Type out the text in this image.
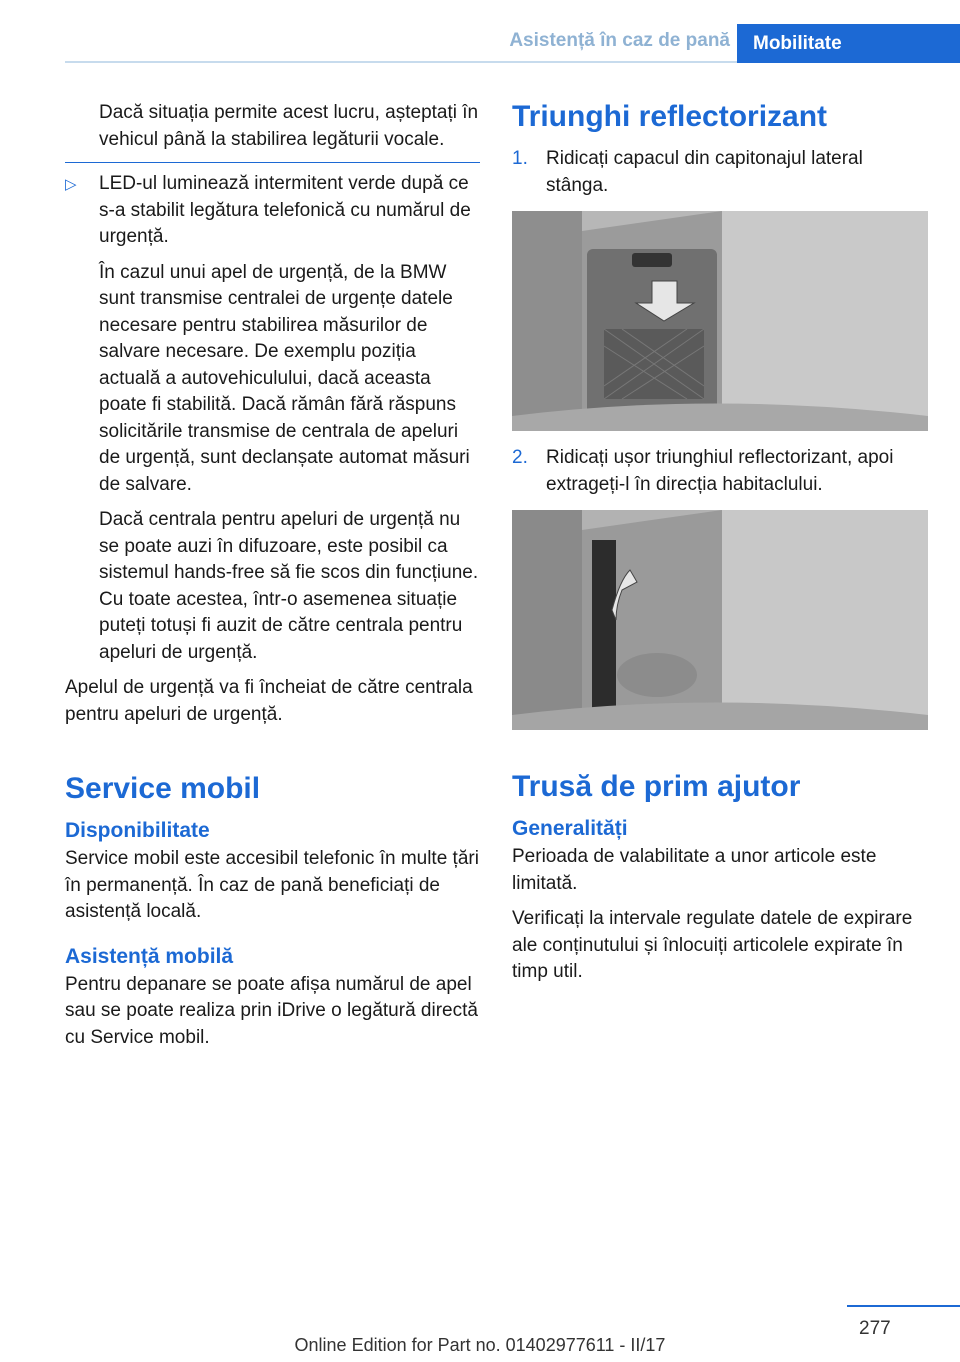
Asistență în caz de pană	Mobilitate

Dacă situația permite acest lucru, așteptați în vehicul până la stabilirea legăturii vocale.

▷ LED-ul luminează intermitent verde după ce s-a stabilit legătura telefonică cu numărul de urgență.

În cazul unui apel de urgență, de la BMW sunt transmise centralei de urgențe datele necesare pentru stabilirea măsurilor de salvare necesare. De exemplu poziția actuală a autovehiculului, dacă aceasta poate fi stabilită. Dacă rămân fără răspuns solicitările transmise de centrala de apeluri de urgență, sunt declanșate automat măsuri de salvare.

Dacă centrala pentru apeluri de urgență nu se poate auzi în difuzoare, este posibil ca sistemul hands-free să fie scos din funcțiune. Cu toate acestea, într-o asemenea situație puteți totuși fi auzit de către centrala pentru apeluri de urgență.

Apelul de urgență va fi încheiat de către centrala pentru apeluri de urgență.

Service mobil
Disponibilitate

Service mobil este accesibil telefonic în multe țări în permanență. În caz de pană beneficiați de asistență locală.

Asistență mobilă

Pentru depanare se poate afișa numărul de apel sau se poate realiza prin iDrive o legătură directă cu Service mobil.

Triunghi reflectorizant
1. Ridicați capacul din capitonajul lateral stânga.
2. Ridicați ușor triunghiul reflectorizant, apoi extrageți-l în direcția habitaclului.
Trusă de prim ajutor
Generalități

Perioada de valabilitate a unor articole este limitată.

Verificați la intervale regulate datele de expirare ale conținutului și înlocuiți articolele expirate în timp util.

277
Online Edition for Part no. 01402977611 - II/17
